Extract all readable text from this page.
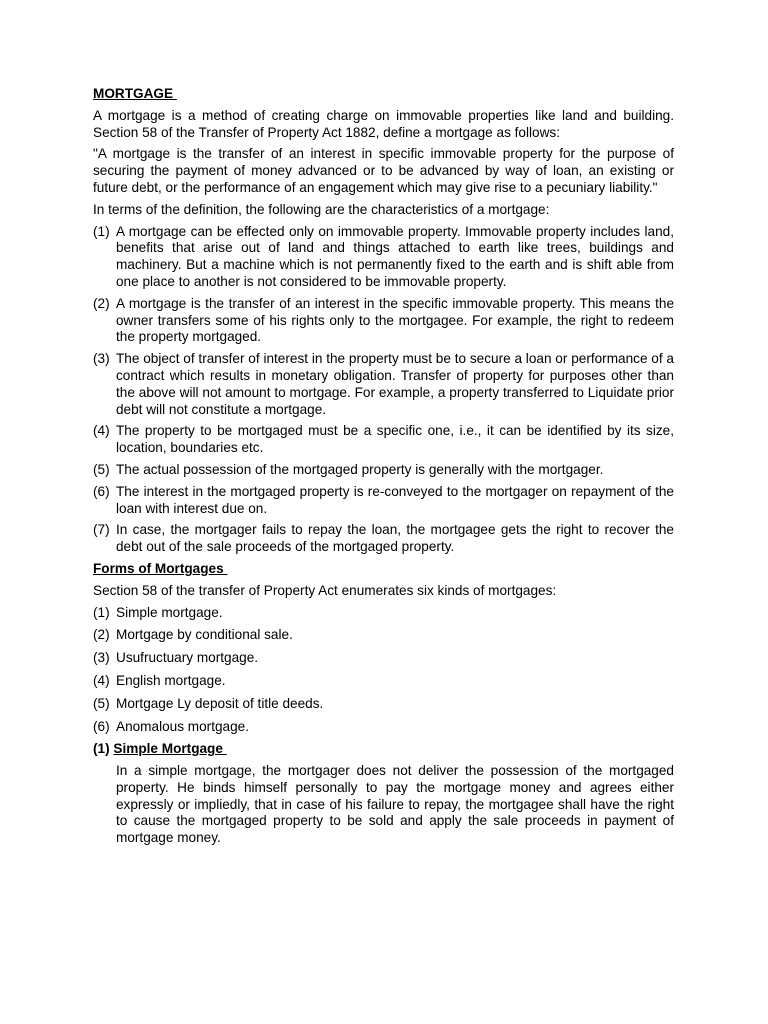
MORTGAGE

A mortgage is a method of creating charge on immovable properties like land and building. Section 58 of the Transfer of Property Act 1882, define a mortgage as follows:

"A mortgage is the transfer of an interest in specific immovable property for the purpose of securing the payment of money advanced or to be advanced by way of loan, an existing or future debt, or the performance of an engagement which may give rise to a pecuniary liability."

In terms of the definition, the following are the characteristics of a mortgage:

(1) A mortgage can be effected only on immovable property. Immovable property includes land, benefits that arise out of land and things attached to earth like trees, buildings and machinery. But a machine which is not permanently fixed to the earth and is shift able from one place to another is not considered to be immovable property.
(2) A mortgage is the transfer of an interest in the specific immovable property. This means the owner transfers some of his rights only to the mortgagee. For example, the right to redeem the property mortgaged.
(3) The object of transfer of interest in the property must be to secure a loan or performance of a contract which results in monetary obligation. Transfer of property for purposes other than the above will not amount to mortgage. For example, a property transferred to Liquidate prior debt will not constitute a mortgage.
(4) The property to be mortgaged must be a specific one, i.e., it can be identified by its size, location, boundaries etc.
(5) The actual possession of the mortgaged property is generally with the mortgager.
(6) The interest in the mortgaged property is re-conveyed to the mortgager on repayment of the loan with interest due on.
(7) In case, the mortgager fails to repay the loan, the mortgagee gets the right to recover the debt out of the sale proceeds of the mortgaged property.
Forms of Mortgages

Section 58 of the transfer of Property Act enumerates six kinds of mortgages:

(1) Simple mortgage.
(2) Mortgage by conditional sale.
(3) Usufructuary mortgage.
(4) English mortgage.
(5) Mortgage Ly deposit of title deeds.
(6) Anomalous mortgage.
(1) Simple Mortgage

In a simple mortgage, the mortgager does not deliver the possession of the mortgaged property. He binds himself personally to pay the mortgage money and agrees either expressly or impliedly, that in case of his failure to repay, the mortgagee shall have the right to cause the mortgaged property to be sold and apply the sale proceeds in payment of mortgage money.
